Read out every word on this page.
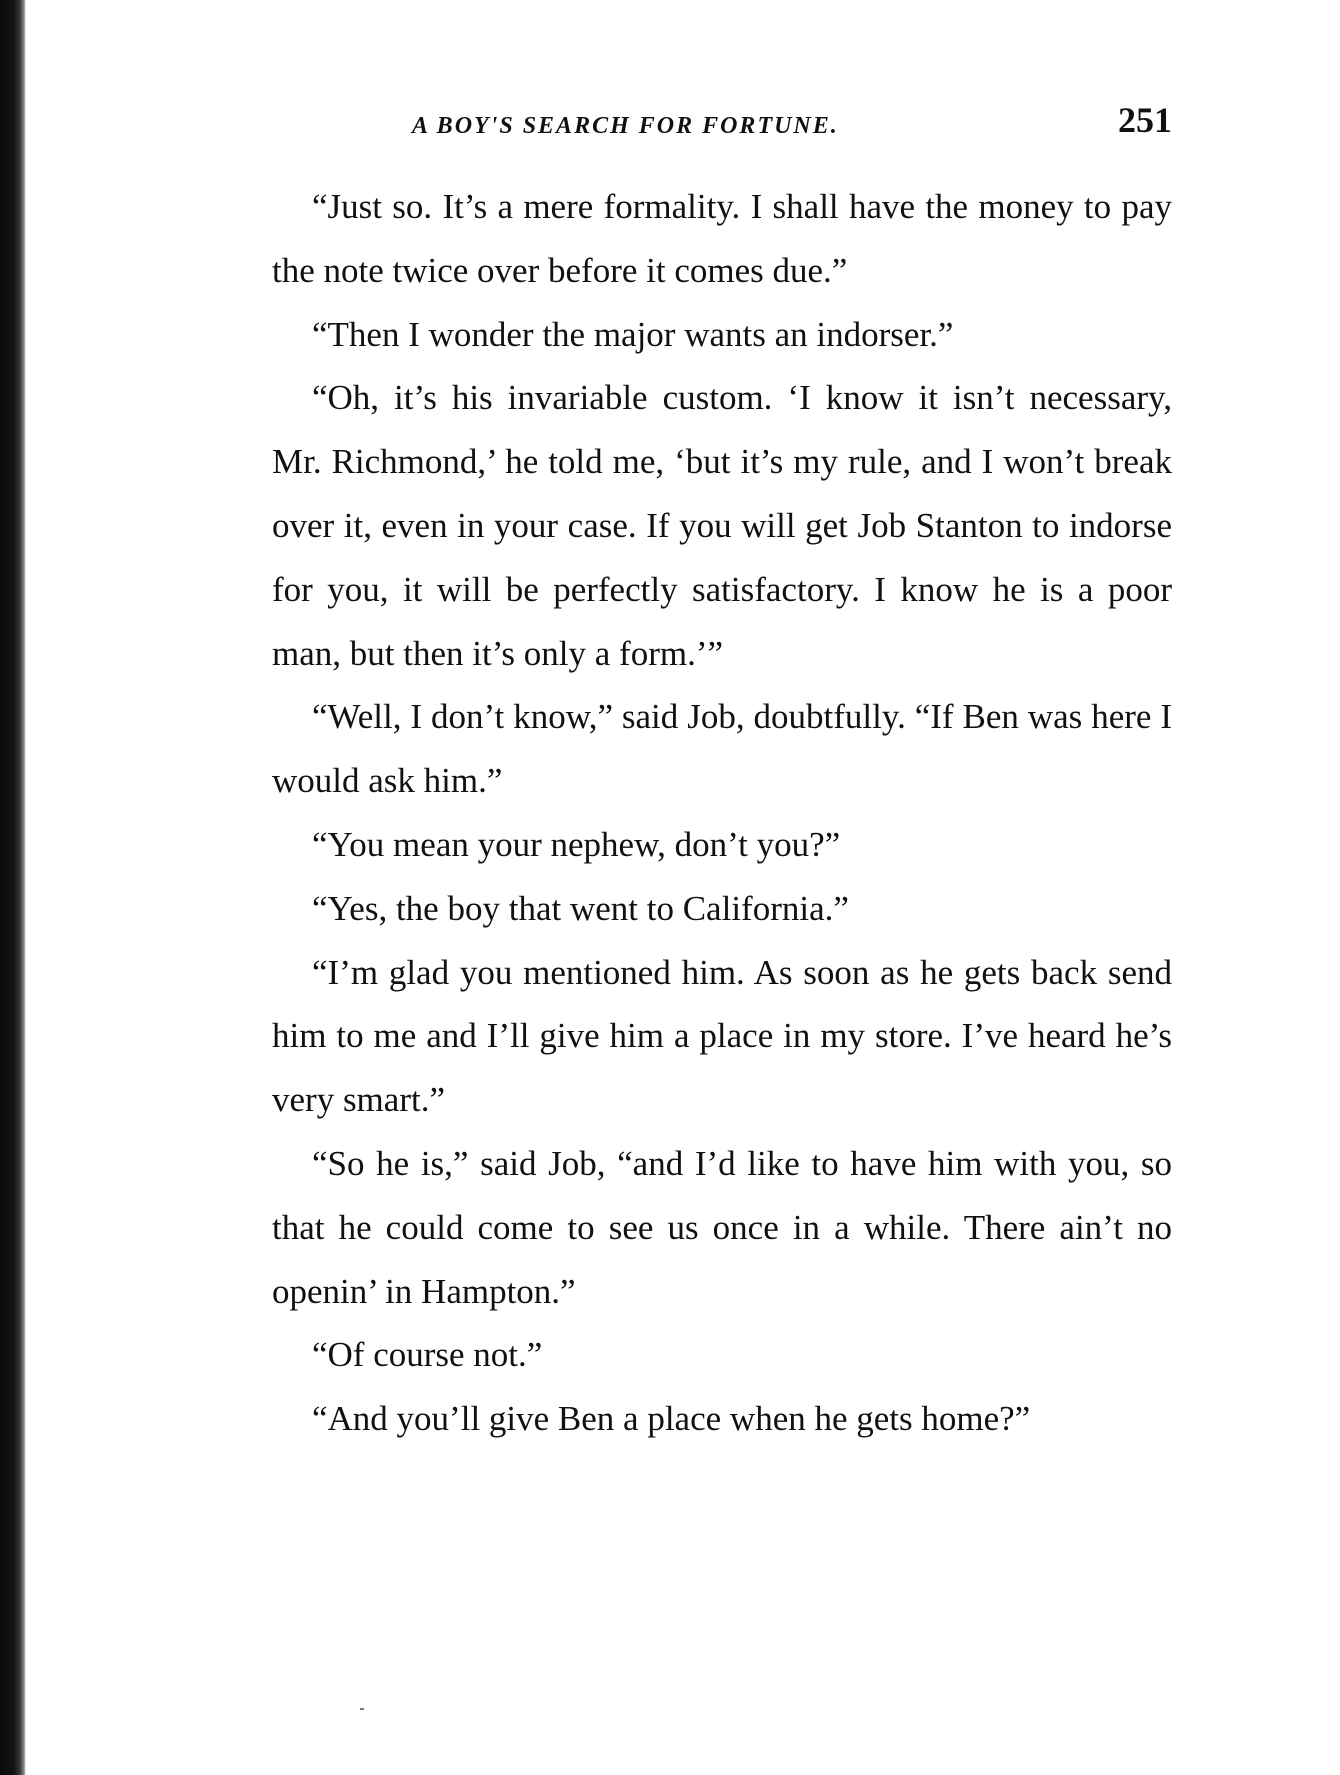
A BOY'S SEARCH FOR FORTUNE.	251

“Just so. It’s a mere formality. I shall have the money to pay the note twice over before it comes due.”

“Then I wonder the major wants an indorser.”

“Oh, it’s his invariable custom. ‘I know it isn’t necessary, Mr. Richmond,’ he told me, ‘but it’s my rule, and I won’t break over it, even in your case. If you will get Job Stanton to indorse for you, it will be perfectly satisfactory. I know he is a poor man, but then it’s only a form.’”

“Well, I don’t know,” said Job, doubtfully. “If Ben was here I would ask him.”

“You mean your nephew, don’t you?”

“Yes, the boy that went to California.”

“I’m glad you mentioned him. As soon as he gets back send him to me and I’ll give him a place in my store. I’ve heard he’s very smart.”

“So he is,” said Job, “and I’d like to have him with you, so that he could come to see us once in a while. There ain’t no openin’ in Hampton.”

“Of course not.”

“And you’ll give Ben a place when he gets home?”
